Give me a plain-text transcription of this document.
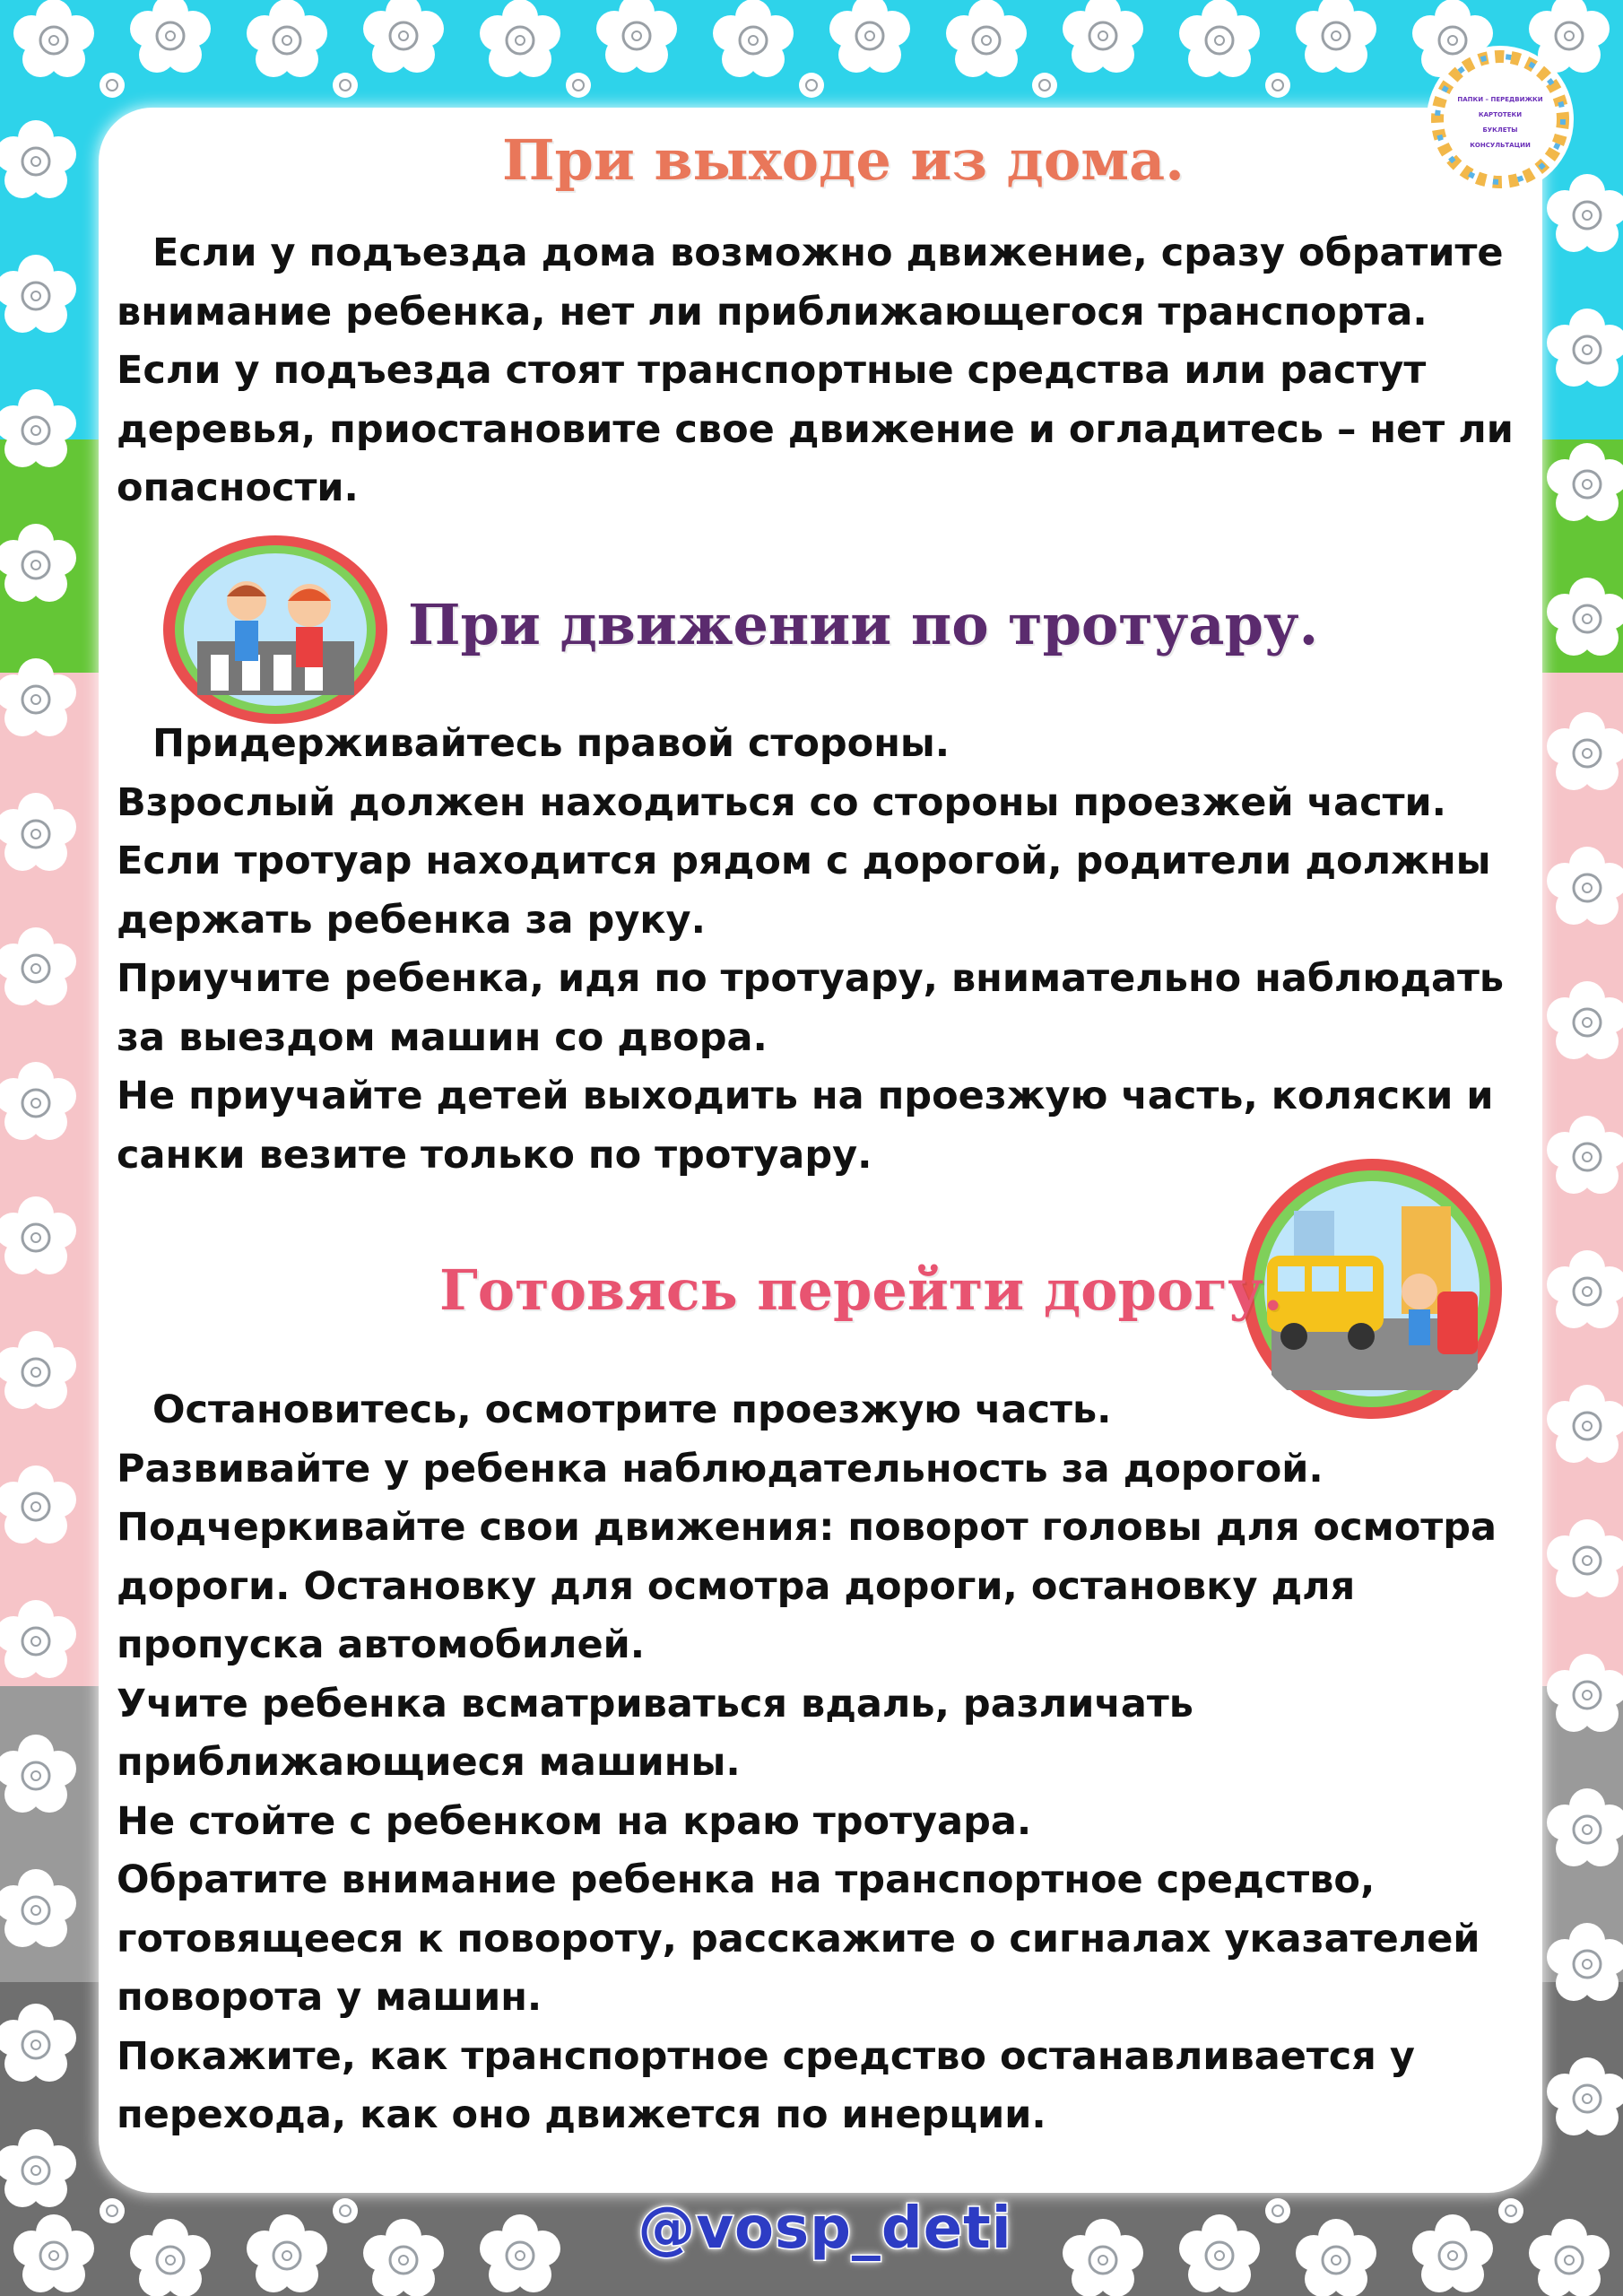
ПАПКИ – ПЕРЕДВИЖКИ
КАРТОТЕКИ
БУКЛЕТЫ
КОНСУЛЬТАЦИИ
При выходе из дома.

Если у подъезда дома возможно движение, сразу обратите внимание ребенка, нет ли приближающегося транспорта. Если у подъезда стоят транспортные средства или растут деревья, приостановите свое движение и огладитесь – нет ли опасности.

При движении по тротуару.

Придерживайтесь правой стороны.

Взрослый должен находиться со стороны проезжей части.

Если тротуар находится рядом с дорогой, родители должны держать ребенка за руку.

Приучите ребенка, идя по тротуару, внимательно наблюдать за выездом машин со двора.

Не приучайте детей выходить на проезжую часть, коляски и санки везите только по тротуару.

Готовясь перейти дорогу.

Остановитесь, осмотрите проезжую часть.

Развивайте у ребенка наблюдательность за дорогой.

Подчеркивайте свои движения: поворот головы для осмотра дороги. Остановку для осмотра дороги, остановку для пропуска автомобилей.

Учите ребенка всматриваться вдаль, различать приближающиеся машины.

Не стойте с ребенком на краю тротуара.

Обратите внимание ребенка на транспортное средство, готовящееся к повороту, расскажите о сигналах указателей поворота у машин.

Покажите, как транспортное средство останавливается у перехода, как оно движется по инерции.

@vosp_deti
